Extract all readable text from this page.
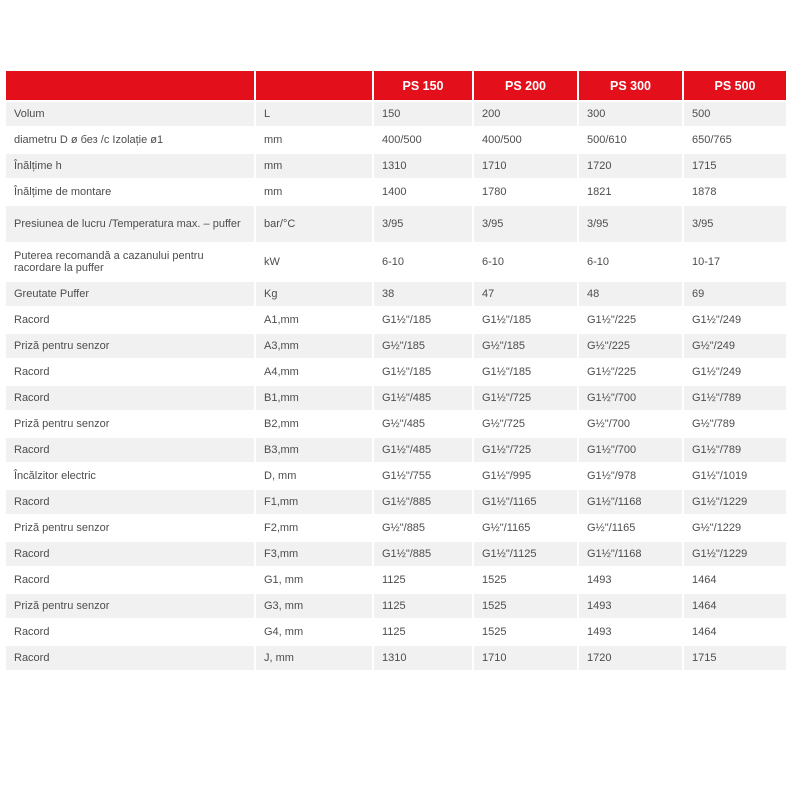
		PS 150	PS 200	PS 300	PS 500
Volum	L	150	200	300	500
diametru D ø без /с Izolație ø1	mm	400/500	400/500	500/610	650/765
Înălțime h	mm	1310	1710	1720	1715
Înălțime de montare	mm	1400	1780	1821	1878
Presiunea de lucru /Temperatura max. – puffer	bar/°C	3/95	3/95	3/95	3/95
Puterea recomandă a cazanului pentru racordare la puffer	kW	6-10	6-10	6-10	10-17
Greutate Puffer	Kg	38	47	48	69
Racord	A1,mm	G1½"/185	G1½"/185	G1½"/225	G1½"/249
Priză pentru senzor	A3,mm	G½"/185	G½"/185	G½"/225	G½"/249
Racord	A4,mm	G1½"/185	G1½"/185	G1½"/225	G1½"/249
Racord	B1,mm	G1½"/485	G1½"/725	G1½"/700	G1½"/789
Priză pentru senzor	B2,mm	G½"/485	G½"/725	G½"/700	G½"/789
Racord	B3,mm	G1½"/485	G1½"/725	G1½"/700	G1½"/789
Încălzitor electric	D, mm	G1½"/755	G1½"/995	G1½"/978	G1½"/1019
Racord	F1,mm	G1½"/885	G1½"/1165	G1½"/1168	G1½"/1229
Priză pentru senzor	F2,mm	G½"/885	G½"/1165	G½"/1165	G½"/1229
Racord	F3,mm	G1½"/885	G1½"/1125	G1½"/1168	G1½"/1229
Racord	G1, mm	1125	1525	1493	1464
Priză pentru senzor	G3, mm	1125	1525	1493	1464
Racord	G4, mm	1125	1525	1493	1464
Racord	J, mm	1310	1710	1720	1715
